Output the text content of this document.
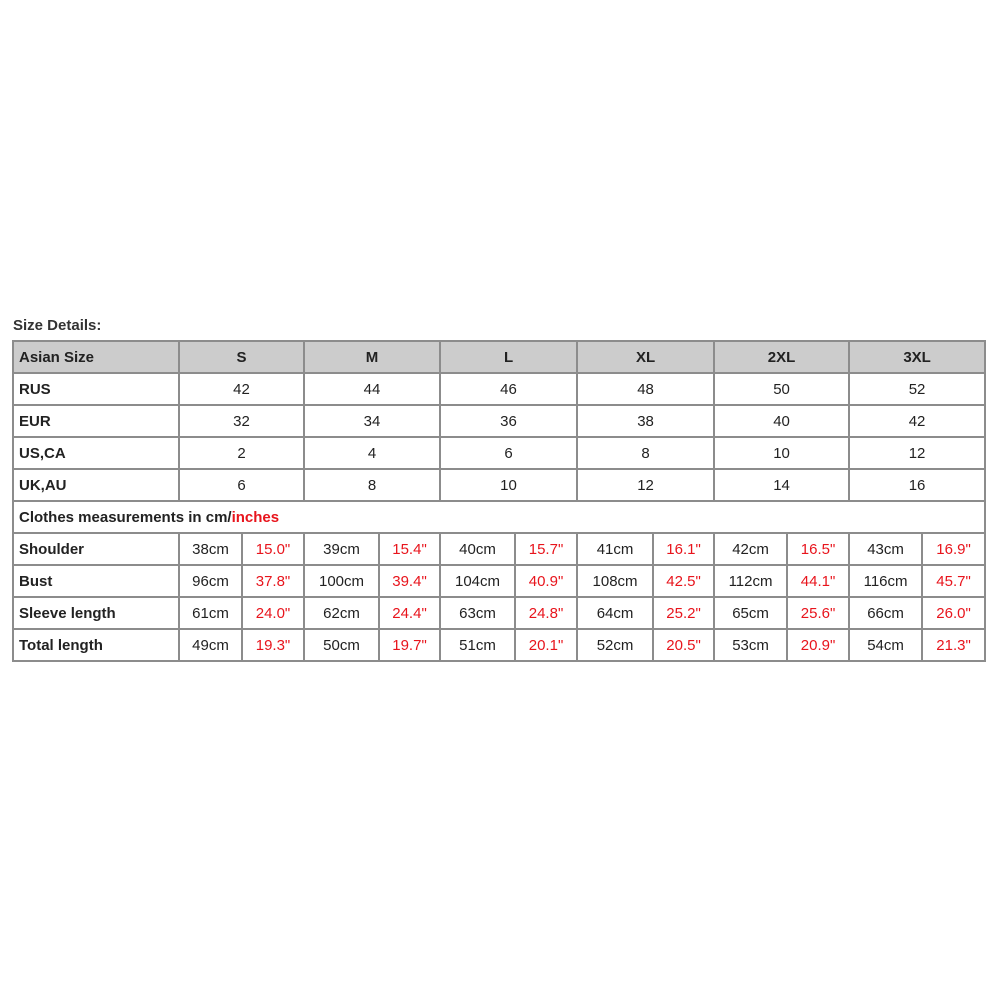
Size Details:
Asian Size	S		M		L		XL		2XL		3XL	
RUS	42		44		46		48		50		52	
EUR	32		34		36		38		40		42	
US,CA	2		4		6		8		10		12	
UK,AU	6		8		10		12		14		16	
Clothes measurements in cm/inches												
Shoulder	38cm	15.0"	39cm	15.4"	40cm	15.7"	41cm	16.1"	42cm	16.5"	43cm	16.9"
Bust	96cm	37.8"	100cm	39.4"	104cm	40.9"	108cm	42.5"	112cm	44.1"	116cm	45.7"
Sleeve length	61cm	24.0"	62cm	24.4"	63cm	24.8"	64cm	25.2"	65cm	25.6"	66cm	26.0"
Total length	49cm	19.3"	50cm	19.7"	51cm	20.1"	52cm	20.5"	53cm	20.9"	54cm	21.3"
